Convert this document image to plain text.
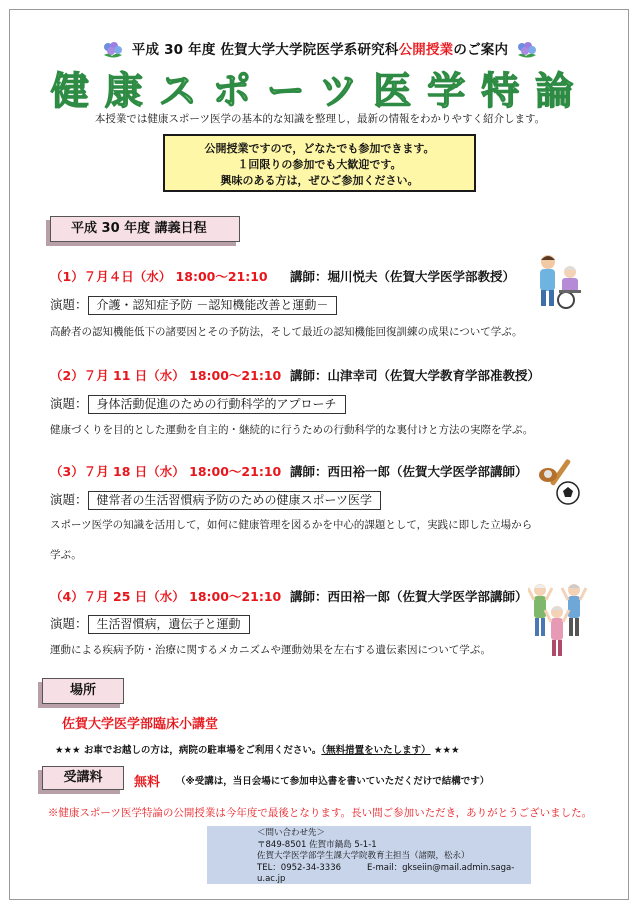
平成 30 年度 佐賀大学大学院医学系研究科公開授業のご案内
健康スポーツ医学特論
本授業では健康スポーツ医学の基本的な知識を整理し，最新の情報をわかりやすく紹介します。
公開授業ですので，どなたでも参加できます。
１回限りの参加でも大歓迎です。
興味のある方は，ぜひご参加ください。
平成 30 年度 講義日程
（1）７月４日（水） 18:00～21:10 講師：堀川悦夫（佐賀大学医学部教授）
演題： 介護・認知症予防 －認知機能改善と運動－
高齢者の認知機能低下の諸要因とその予防法，そして最近の認知機能回復訓練の成果について学ぶ。
（2）７月 11 日（水） 18:00～21:10 講師：山津幸司（佐賀大学教育学部准教授）
演題： 身体活動促進のための行動科学的アプローチ
健康づくりを目的とした運動を自主的・継続的に行うための行動科学的な裏付けと方法の実際を学ぶ。
（3）７月 18 日（水） 18:00～21:10 講師：西田裕一郎（佐賀大学医学部講師）
演題： 健常者の生活習慣病予防のための健康スポーツ医学
スポーツ医学の知識を活用して，如何に健康管理を図るかを中心的課題として，実践に即した立場から
学ぶ。
（4）７月 25 日（水） 18:00～21:10 講師：西田裕一郎（佐賀大学医学部講師）
演題： 生活習慣病，遺伝子と運動
運動による疾病予防・治療に関するメカニズムや運動効果を左右する遺伝素因について学ぶ。
場所
佐賀大学医学部臨床小講堂
★★★ お車でお越しの方は，病院の駐車場をご利用ください。（無料措置をいたします） ★★★
受講料	無料 （※受講は，当日会場にて参加申込書を書いていただくだけで結構です）
※健康スポーツ医学特論の公開授業は今年度で最後となります。長い間ご参加いただき，ありがとうございました。
＜問い合わせ先＞
〒849-8501 佐賀市鍋島 5-1-1
佐賀大学医学部学生課大学院教育主担当（諸隈，松永）
TEL：0952-34-3336	E-mail：gkseiin@mail.admin.saga-u.ac.jp
